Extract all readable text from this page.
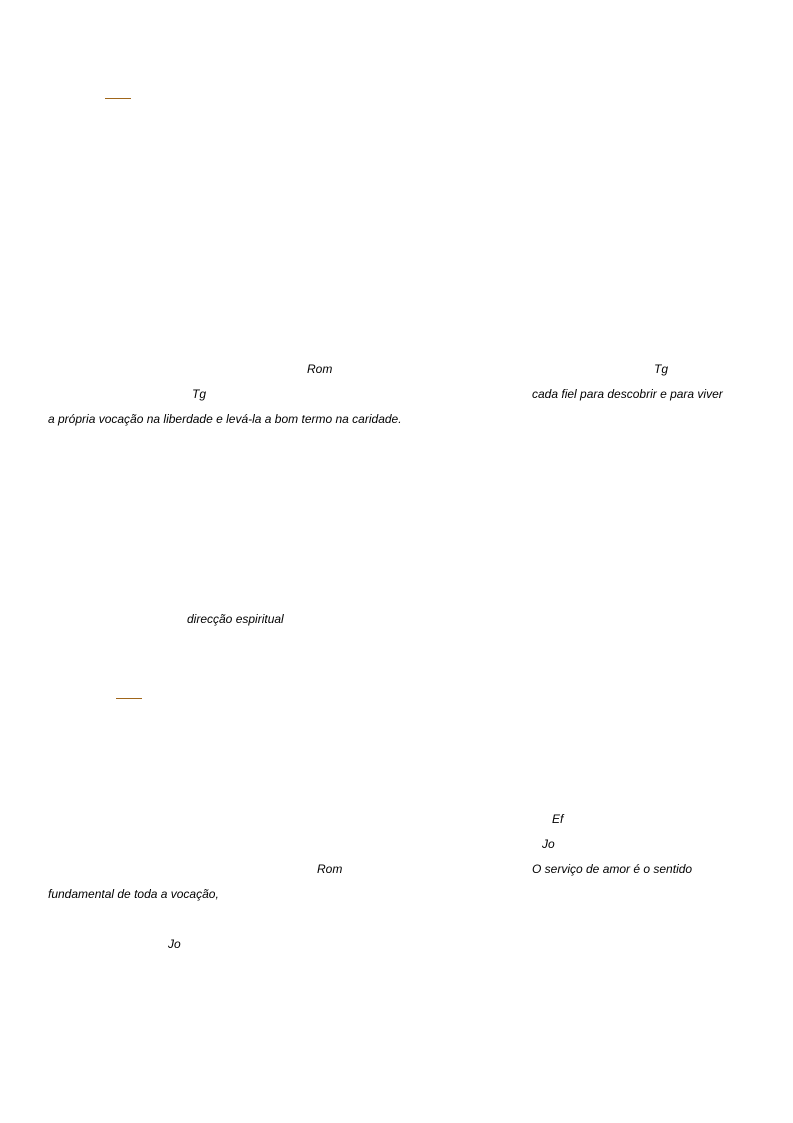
Rom	Tg
Tg	cada fiel para descobrir e para viver
a própria vocação na liberdade e levá-la a bom termo na caridade.
direcção espiritual
Ef
Jo
Rom	O serviço de amor é o sentido
fundamental de toda a vocação,
Jo
